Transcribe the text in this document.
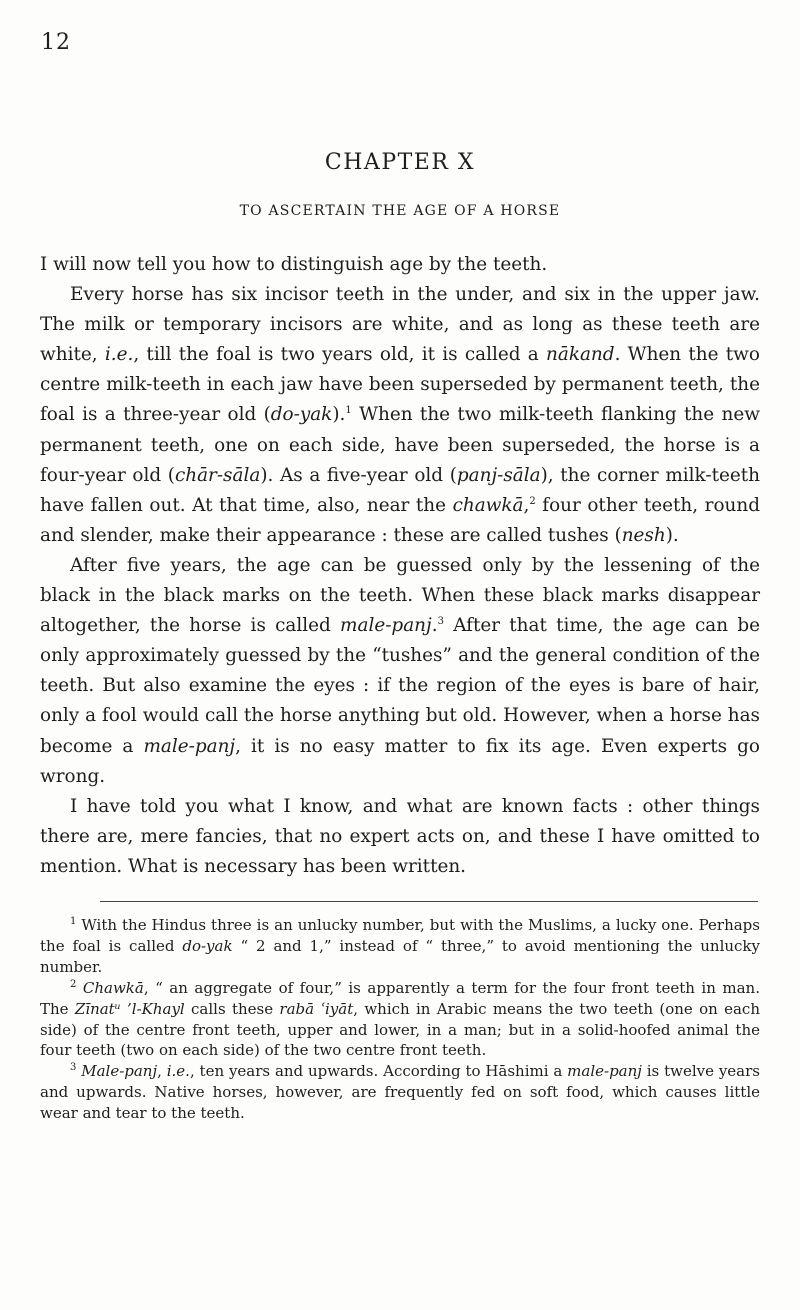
12
CHAPTER X
TO ASCERTAIN THE AGE OF A HORSE

I will now tell you how to distinguish age by the teeth.

Every horse has six incisor teeth in the under, and six in the upper jaw. The milk or temporary incisors are white, and as long as these teeth are white, i.e., till the foal is two years old, it is called a nākand. When the two centre milk-teeth in each jaw have been superseded by permanent teeth, the foal is a three-year old (do-yak).$^1$ When the two milk-teeth flanking the new permanent teeth, one on each side, have been superseded, the horse is a four-year old (chār-sāla). As a five-year old (panj-sāla), the corner milk-teeth have fallen out. At that time, also, near the chawkā,$^2$ four other teeth, round and slender, make their appearance : these are called tushes (nesh).

After five years, the age can be guessed only by the lessening of the black in the black marks on the teeth. When these black marks disappear altogether, the horse is called male-panj.$^3$ After that time, the age can be only approximately guessed by the “tushes” and the general condition of the teeth. But also examine the eyes : if the region of the eyes is bare of hair, only a fool would call the horse anything but old. However, when a horse has become a male-panj, it is no easy matter to fix its age. Even experts go wrong.

I have told you what I know, and what are known facts : other things there are, mere fancies, that no expert acts on, and these I have omitted to mention. What is necessary has been written.

$^1$ With the Hindus three is an unlucky number, but with the Muslims, a lucky one. Perhaps the foal is called do-yak “ 2 and 1,” instead of “ three,” to avoid mentioning the unlucky number.

$^2$ Chawkā, “ an aggregate of four,” is apparently a term for the four front teeth in man. The Zīnatᵘ ’l-Khayl calls these rabā ʿiyāt, which in Arabic means the two teeth (one on each side) of the centre front teeth, upper and lower, in a man; but in a solid-hoofed animal the four teeth (two on each side) of the two centre front teeth.

$^3$ Male-panj, i.e., ten years and upwards. According to Hāshimi a male-panj is twelve years and upwards. Native horses, however, are frequently fed on soft food, which causes little wear and tear to the teeth.
